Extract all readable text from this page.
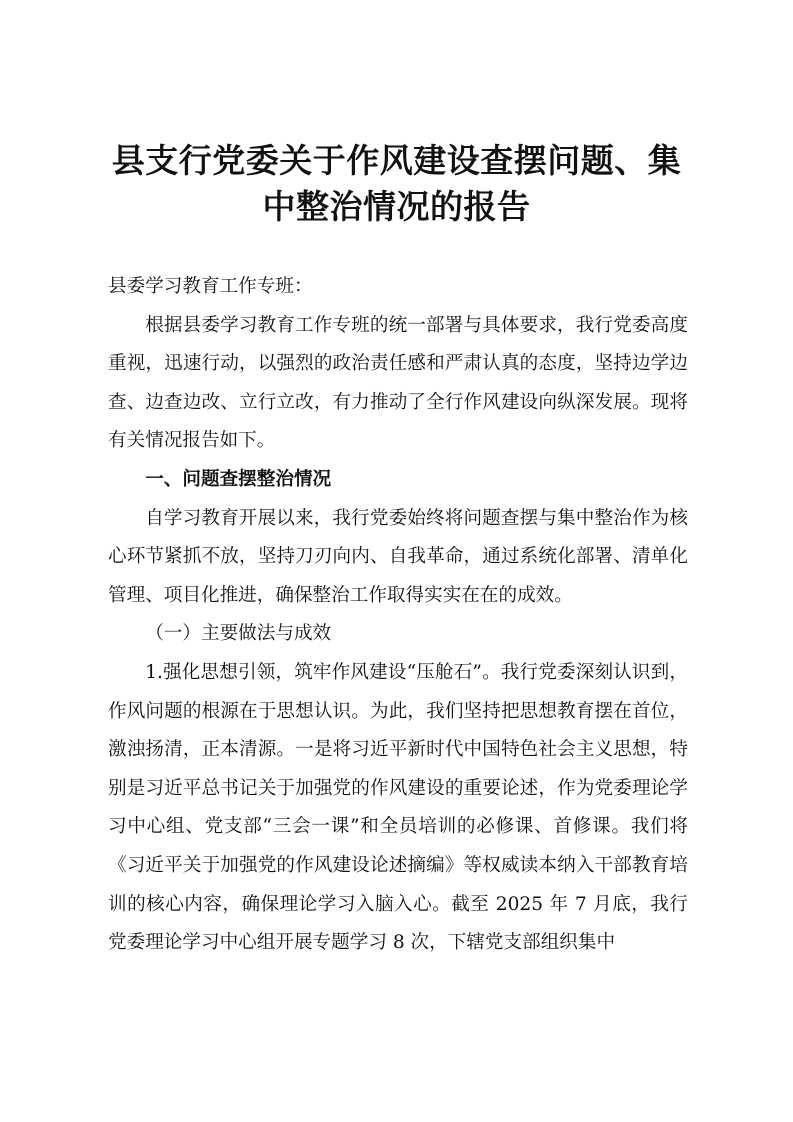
县支行党委关于作风建设查摆问题、集
中整治情况的报告

县委学习教育工作专班：

根据县委学习教育工作专班的统一部署与具体要求，我行党委高度重视，迅速行动，以强烈的政治责任感和严肃认真的态度，坚持边学边查、边查边改、立行立改，有力推动了全行作风建设向纵深发展。现将有关情况报告如下。

一、问题查摆整治情况

自学习教育开展以来，我行党委始终将问题查摆与集中整治作为核心环节紧抓不放，坚持刀刃向内、自我革命，通过系统化部署、清单化管理、项目化推进，确保整治工作取得实实在在的成效。

（一）主要做法与成效

1.强化思想引领，筑牢作风建设“压舱石”。我行党委深刻认识到，作风问题的根源在于思想认识。为此，我们坚持把思想教育摆在首位，激浊扬清，正本清源。一是将习近平新时代中国特色社会主义思想，特别是习近平总书记关于加强党的作风建设的重要论述，作为党委理论学习中心组、党支部“三会一课”和全员培训的必修课、首修课。我们将《习近平关于加强党的作风建设论述摘编》等权威读本纳入干部教育培训的核心内容，确保理论学习入脑入心。截至 2025 年 7 月底，我行党委理论学习中心组开展专题学习 8 次，下辖党支部组织集中
